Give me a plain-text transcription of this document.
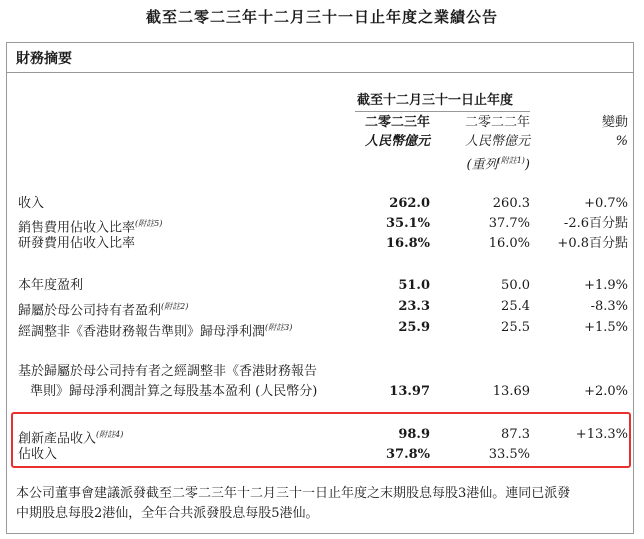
截至二零二三年十二月三十一日止年度之業績公告
財務摘要
截至十二月三十一日止年度
二零二三年	二零二二年	變動
人民幣億元	人民幣億元	%
(重列$^{(附註1)}$)
收入	262.0	260.3	+0.7%
銷售費用佔收入比率$^{(附註5)}$	35.1%	37.7%	-2.6百分點
研發費用佔收入比率	16.8%	16.0%	+0.8百分點
本年度盈利	51.0	50.0	+1.9%
歸屬於母公司持有者盈利$^{(附註2)}$	23.3	25.4	-8.3%
經調整非《香港財務報告準則》歸母淨利潤$^{(附註3)}$	25.9	25.5	+1.5%
基於歸屬於母公司持有者之經調整非《香港財務報告
準則》歸母淨利潤計算之每股基本盈利 (人民幣分)	13.97	13.69	+2.0%
創新產品收入$^{(附註4)}$	98.9	87.3	+13.3%
佔收入	37.8%	33.5%
本公司董事會建議派發截至二零二三年十二月三十一日止年度之末期股息每股3港仙。連同已派發
中期股息每股2港仙，全年合共派發股息每股5港仙。
